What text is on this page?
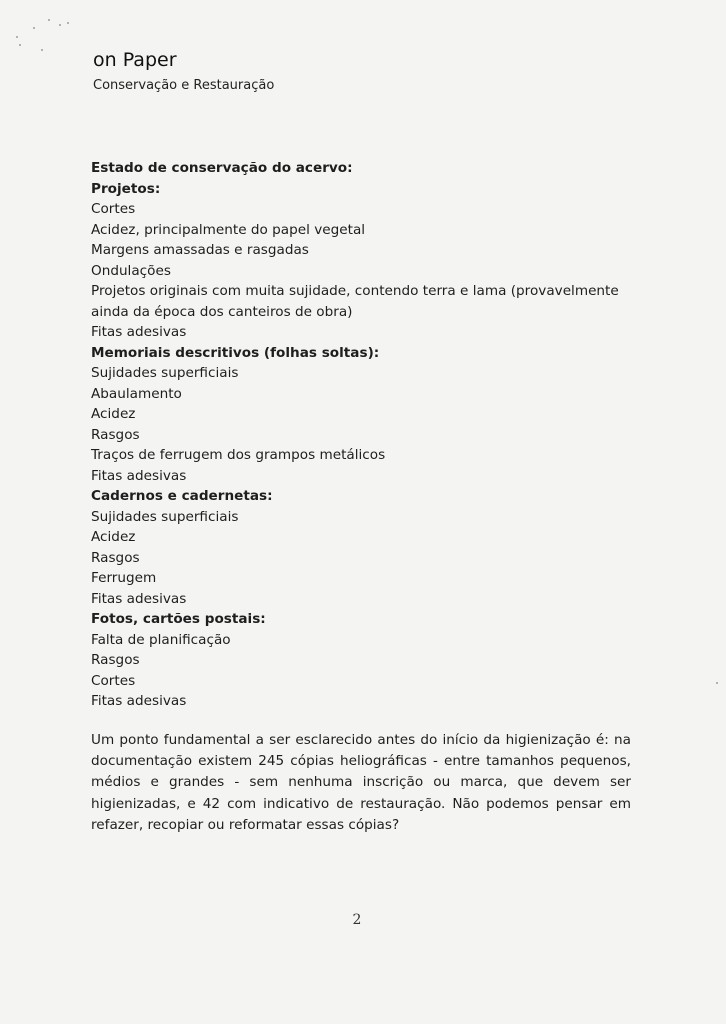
on Paper
Conservação e Restauração
Estado de conservação do acervo:
Projetos:
Cortes
Acidez, principalmente do papel vegetal
Margens amassadas e rasgadas
Ondulações
Projetos originais com muita sujidade, contendo terra e lama (provavelmente ainda da época dos canteiros de obra)
Fitas adesivas
Memoriais descritivos (folhas soltas):
Sujidades superficiais
Abaulamento
Acidez
Rasgos
Traços de ferrugem dos grampos metálicos
Fitas adesivas
Cadernos e cadernetas:
Sujidades superficiais
Acidez
Rasgos
Ferrugem
Fitas adesivas
Fotos, cartões postais:
Falta de planificação
Rasgos
Cortes
Fitas adesivas
Um ponto fundamental a ser esclarecido antes do início da higienização é: na documentação existem 245 cópias heliográficas - entre tamanhos pequenos, médios e grandes - sem nenhuma inscrição ou marca, que devem ser higienizadas, e 42 com indicativo de restauração. Não podemos pensar em refazer, recopiar ou reformatar essas cópias?
2
